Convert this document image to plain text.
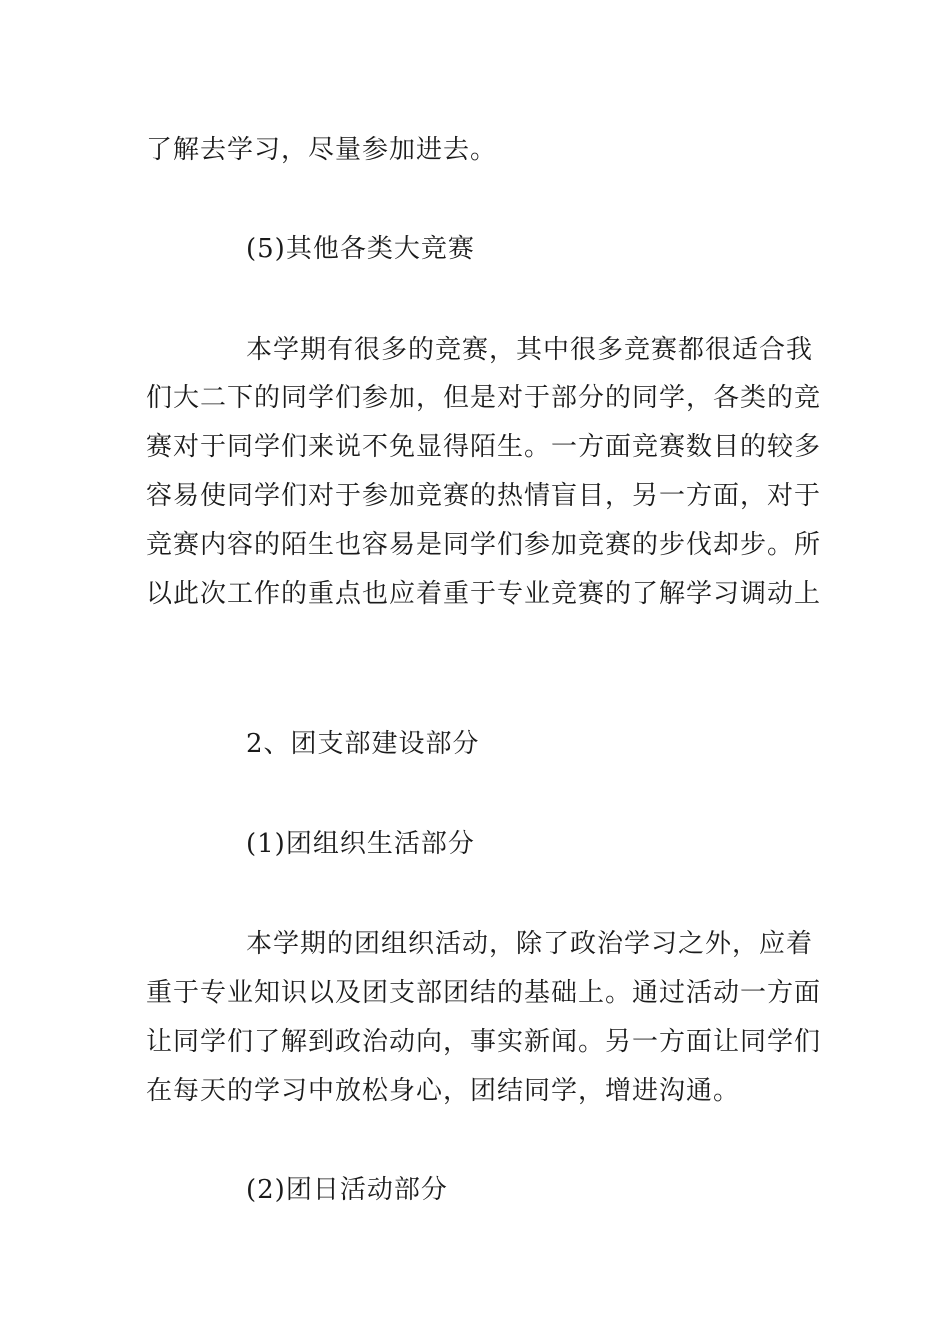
了解去学习，尽量参加进去。
(5)其他各类大竞赛
本学期有很多的竞赛，其中很多竞赛都很适合我
们大二下的同学们参加，但是对于部分的同学，各类的竞
赛对于同学们来说不免显得陌生。一方面竞赛数目的较多
容易使同学们对于参加竞赛的热情盲目，另一方面，对于
竞赛内容的陌生也容易是同学们参加竞赛的步伐却步。所
以此次工作的重点也应着重于专业竞赛的了解学习调动上
2、团支部建设部分
(1)团组织生活部分
本学期的团组织活动，除了政治学习之外，应着
重于专业知识以及团支部团结的基础上。通过活动一方面
让同学们了解到政治动向，事实新闻。另一方面让同学们
在每天的学习中放松身心，团结同学，增进沟通。
(2)团日活动部分
